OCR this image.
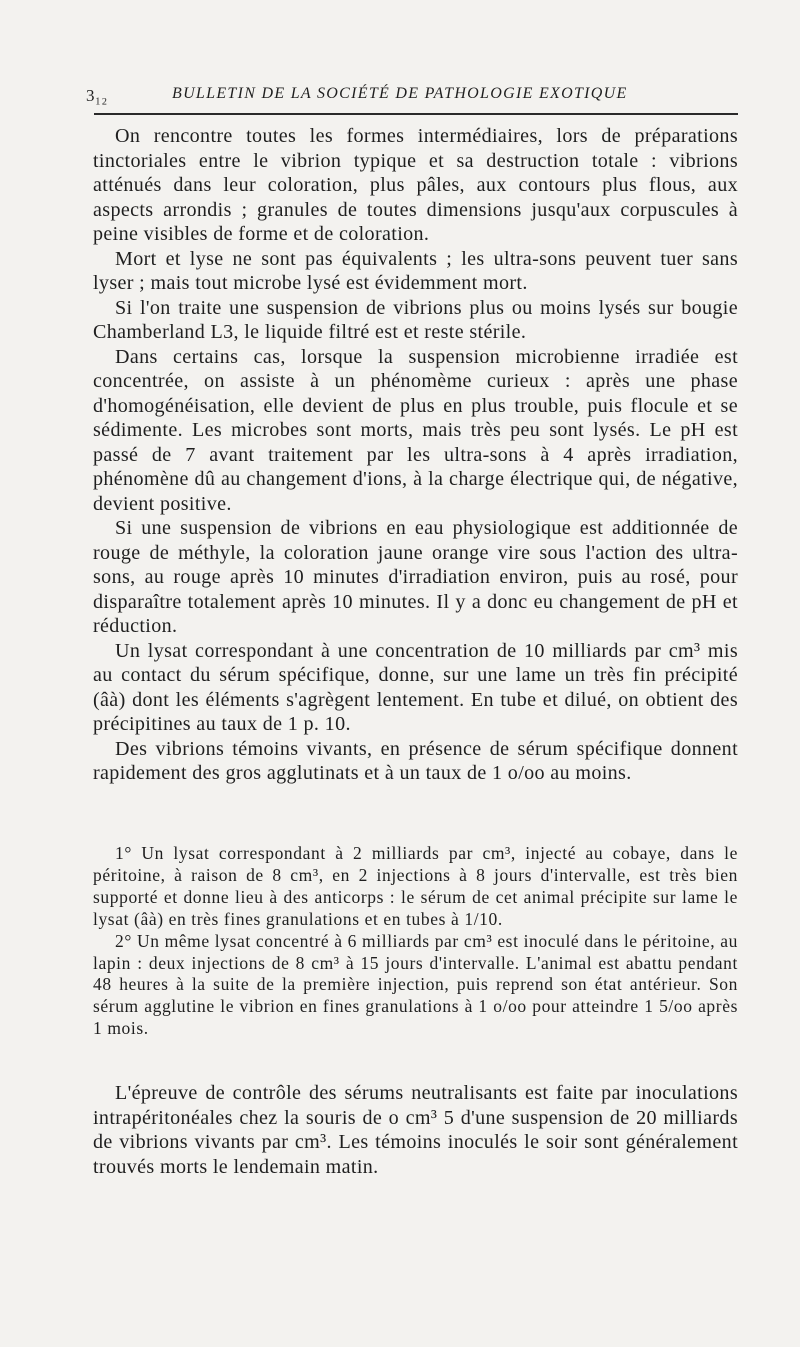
3₁₂	BULLETIN DE LA SOCIÉTÉ DE PATHOLOGIE EXOTIQUE

On rencontre toutes les formes intermédiaires, lors de préparations tinctoriales entre le vibrion typique et sa destruction totale : vibrions atténués dans leur coloration, plus pâles, aux contours plus flous, aux aspects arrondis ; granules de toutes dimensions jusqu'aux corpuscules à peine visibles de forme et de coloration.

Mort et lyse ne sont pas équivalents ; les ultra-sons peuvent tuer sans lyser ; mais tout microbe lysé est évidemment mort.

Si l'on traite une suspension de vibrions plus ou moins lysés sur bougie Chamberland L3, le liquide filtré est et reste stérile.

Dans certains cas, lorsque la suspension microbienne irradiée est concentrée, on assiste à un phénomème curieux : après une phase d'homogénéisation, elle devient de plus en plus trouble, puis flocule et se sédimente. Les microbes sont morts, mais très peu sont lysés. Le pH est passé de 7 avant traitement par les ultra-sons à 4 après irradiation, phénomène dû au changement d'ions, à la charge électrique qui, de négative, devient positive.

Si une suspension de vibrions en eau physiologique est additionnée de rouge de méthyle, la coloration jaune orange vire sous l'action des ultra-sons, au rouge après 10 minutes d'irradiation environ, puis au rosé, pour disparaître totalement après 10 minutes. Il y a donc eu changement de pH et réduction.

Un lysat correspondant à une concentration de 10 milliards par cm³ mis au contact du sérum spécifique, donne, sur une lame un très fin précipité (âà) dont les éléments s'agrègent lentement. En tube et dilué, on obtient des précipitines au taux de 1 p. 10.

Des vibrions témoins vivants, en présence de sérum spécifique donnent rapidement des gros agglutinats et à un taux de 1 o/oo au moins.

1° Un lysat correspondant à 2 milliards par cm³, injecté au cobaye, dans le péritoine, à raison de 8 cm³, en 2 injections à 8 jours d'intervalle, est très bien supporté et donne lieu à des anticorps : le sérum de cet animal précipite sur lame le lysat (âà) en très fines granulations et en tubes à 1/10.

2° Un même lysat concentré à 6 milliards par cm³ est inoculé dans le péritoine, au lapin : deux injections de 8 cm³ à 15 jours d'intervalle. L'animal est abattu pendant 48 heures à la suite de la première injection, puis reprend son état antérieur. Son sérum agglutine le vibrion en fines granulations à 1 o/oo pour atteindre 1 5/oo après 1 mois.

L'épreuve de contrôle des sérums neutralisants est faite par inoculations intrapéritonéales chez la souris de o cm³ 5 d'une suspension de 20 milliards de vibrions vivants par cm³. Les témoins inoculés le soir sont généralement trouvés morts le lendemain matin.
